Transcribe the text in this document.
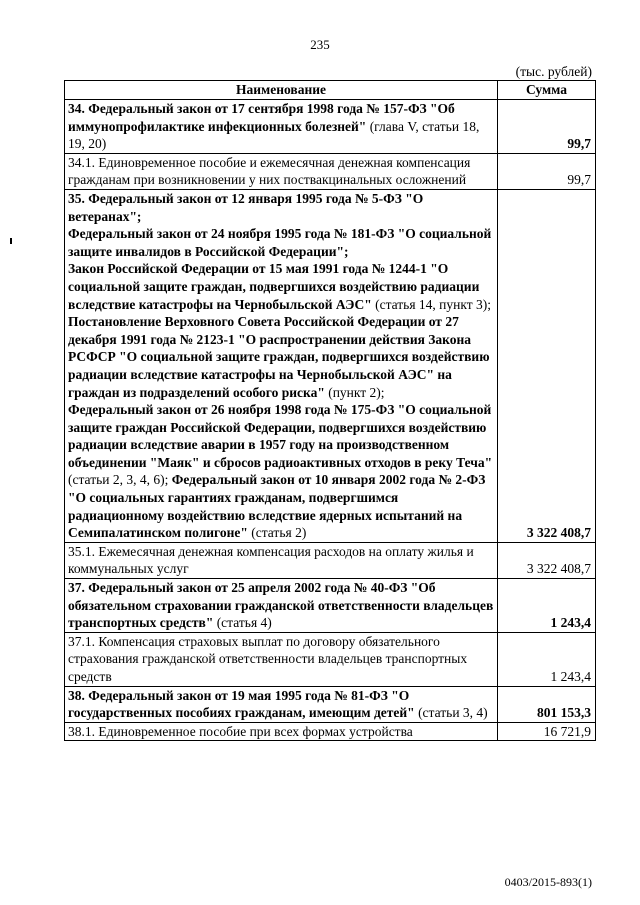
235
(тыс. рублей)
Наименование	Сумма
34. Федеральный закон от 17 сентября 1998 года № 157-ФЗ "Об иммунопрофилактике инфекционных болезней" (глава V, статьи 18, 19, 20)	99,7
34.1. Единовременное пособие и ежемесячная денежная компенсация гражданам при возникновении у них поствакцинальных осложнений	99,7
35. Федеральный закон от 12 января 1995 года № 5-ФЗ "О ветеранах";
Федеральный закон от 24 ноября 1995 года № 181-ФЗ "О социальной защите инвалидов в Российской Федерации";
Закон Российской Федерации от 15 мая 1991 года № 1244-1 "О социальной защите граждан, подвергшихся воздействию радиации вследствие катастрофы на Чернобыльской АЭС" (статья 14, пункт 3);
Постановление Верховного Совета Российской Федерации от 27 декабря 1991 года № 2123-1 "О распространении действия Закона РСФСР "О социальной защите граждан, подвергшихся воздействию радиации вследствие катастрофы на Чернобыльской АЭС" на граждан из подразделений особого риска" (пункт 2);
Федеральный закон от 26 ноября 1998 года № 175-ФЗ "О социальной защите граждан Российской Федерации, подвергшихся воздействию радиации вследствие аварии в 1957 году на производственном объединении "Маяк" и сбросов радиоактивных отходов в реку Теча" (статьи 2, 3, 4, 6); Федеральный закон от 10 января 2002 года № 2-ФЗ "О социальных гарантиях гражданам, подвергшимся радиационному воздействию вследствие ядерных испытаний на Семипалатинском полигоне" (статья 2)	3 322 408,7
35.1. Ежемесячная денежная компенсация расходов на оплату жилья и коммунальных услуг	3 322 408,7
37. Федеральный закон от 25 апреля 2002 года № 40-ФЗ "Об обязательном страховании гражданской ответственности владельцев транспортных средств" (статья 4)	1 243,4
37.1. Компенсация страховых выплат по договору обязательного страхования гражданской ответственности владельцев транспортных средств	1 243,4
38. Федеральный закон от 19 мая 1995 года № 81-ФЗ "О государственных пособиях гражданам, имеющим детей" (статьи 3, 4)	801 153,3
38.1. Единовременное пособие при всех формах устройства	16 721,9
0403/2015-893(1)
